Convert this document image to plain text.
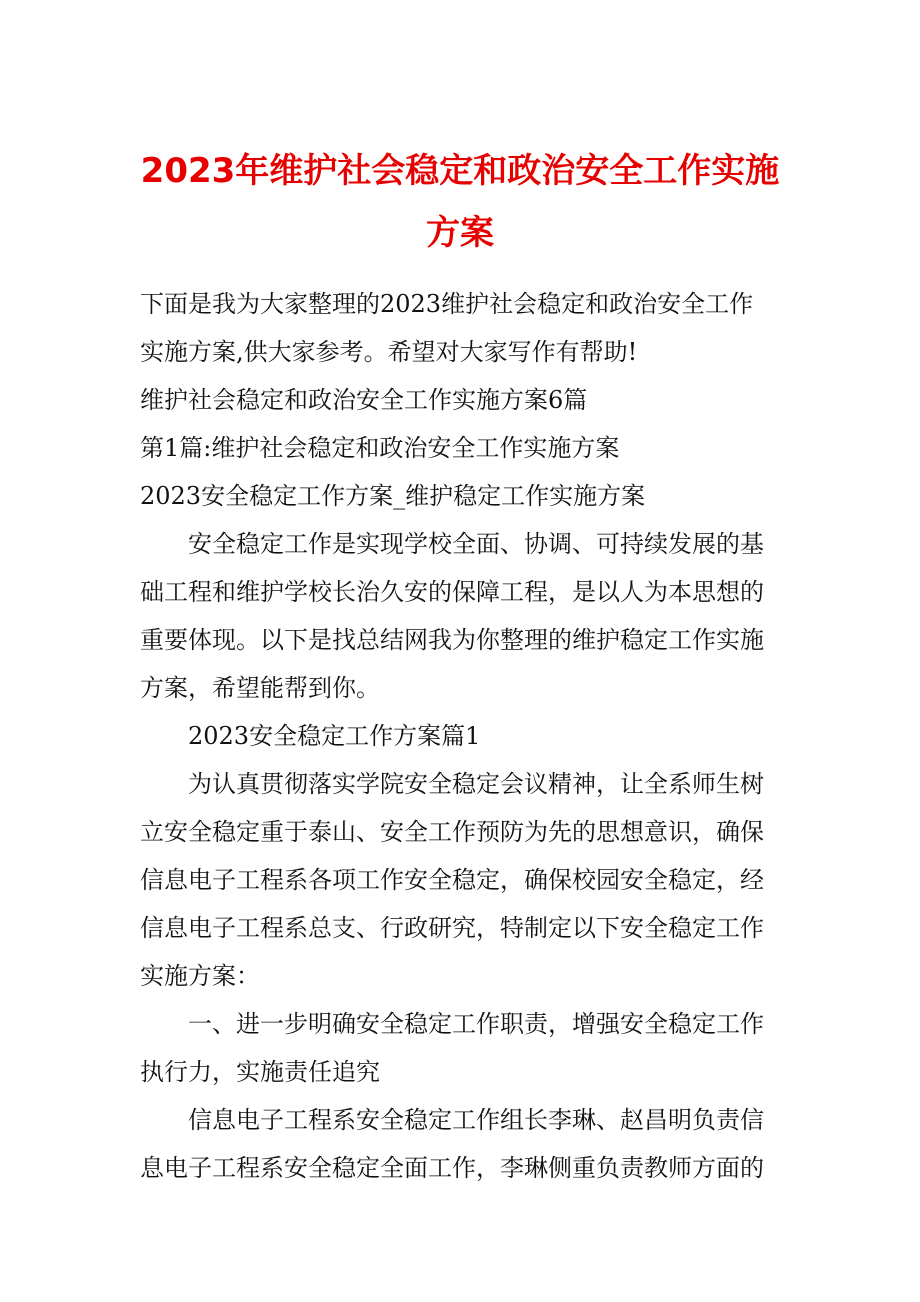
2023年维护社会稳定和政治安全工作实施
方案
下面是我为大家整理的2023维护社会稳定和政治安全工作
实施方案,供大家参考。希望对大家写作有帮助!
维护社会稳定和政治安全工作实施方案6篇
第1篇:维护社会稳定和政治安全工作实施方案
2023安全稳定工作方案_维护稳定工作实施方案
安全稳定工作是实现学校全面、协调、可持续发展的基
础工程和维护学校长治久安的保障工程，是以人为本思想的
重要体现。以下是找总结网我为你整理的维护稳定工作实施
方案，希望能帮到你。
2023安全稳定工作方案篇1
为认真贯彻落实学院安全稳定会议精神，让全系师生树
立安全稳定重于泰山、安全工作预防为先的思想意识，确保
信息电子工程系各项工作安全稳定，确保校园安全稳定，经
信息电子工程系总支、行政研究，特制定以下安全稳定工作
实施方案：
一、进一步明确安全稳定工作职责，增强安全稳定工作
执行力，实施责任追究
信息电子工程系安全稳定工作组长李琳、赵昌明负责信
息电子工程系安全稳定全面工作，李琳侧重负责教师方面的
